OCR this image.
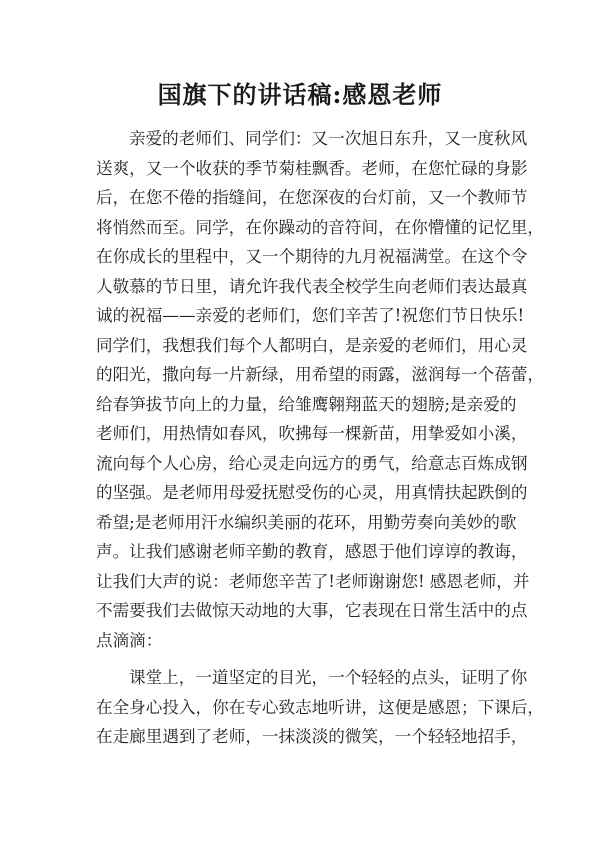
国旗下的讲话稿:感恩老师
亲爱的老师们、同学们：又一次旭日东升，又一度秋风
送爽，又一个收获的季节菊桂飘香。老师，在您忙碌的身影
后，在您不倦的指缝间，在您深夜的台灯前，又一个教师节
将悄然而至。同学，在你躁动的音符间，在你懵懂的记忆里，
在你成长的里程中，又一个期待的九月祝福满堂。在这个令
人敬慕的节日里，请允许我代表全校学生向老师们表达最真
诚的祝福——亲爱的老师们，您们辛苦了!祝您们节日快乐!
同学们，我想我们每个人都明白，是亲爱的老师们，用心灵
的阳光，撒向每一片新绿，用希望的雨露，滋润每一个蓓蕾，
给春笋拔节向上的力量，给雏鹰翱翔蓝天的翅膀;是亲爱的
老师们，用热情如春风，吹拂每一棵新苗，用挚爱如小溪，
流向每个人心房，给心灵走向远方的勇气，给意志百炼成钢
的坚强。是老师用母爱抚慰受伤的心灵，用真情扶起跌倒的
希望;是老师用汗水编织美丽的花环，用勤劳奏向美妙的歌
声。让我们感谢老师辛勤的教育，感恩于他们谆谆的教诲，
让我们大声的说：老师您辛苦了!老师谢谢您! 感恩老师，并
不需要我们去做惊天动地的大事，它表现在日常生活中的点
点滴滴：
课堂上，一道坚定的目光，一个轻轻的点头，证明了你
在全身心投入，你在专心致志地听讲，这便是感恩；下课后，
在走廊里遇到了老师，一抹淡淡的微笑，一个轻轻地招手，
